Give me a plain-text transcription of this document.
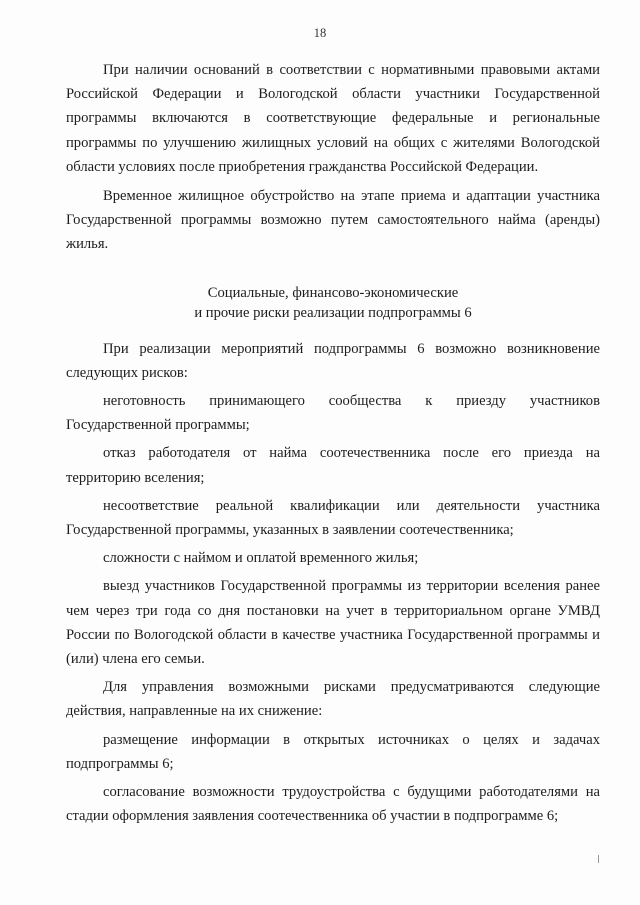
18

При наличии оснований в соответствии с нормативными правовыми актами Российской Федерации и Вологодской области участники Государственной программы включаются в соответствующие федеральные и региональные программы по улучшению жилищных условий на общих с жителями Вологодской области условиях после приобретения гражданства Российской Федерации.

Временное жилищное обустройство на этапе приема и адаптации участника Государственной программы возможно путем самостоятельного найма (аренды) жилья.

Социальные, финансово-экономические

и прочие риски реализации подпрограммы 6

При реализации мероприятий подпрограммы 6 возможно возникновение следующих рисков:

неготовность принимающего сообщества к приезду участников Государственной программы;

отказ работодателя от найма соотечественника после его приезда на территорию вселения;

несоответствие реальной квалификации или деятельности участника Государственной программы, указанных в заявлении соотечественника;

сложности с наймом и оплатой временного жилья;

выезд участников Государственной программы из территории вселения ранее чем через три года со дня постановки на учет в территориальном органе УМВД России по Вологодской области в качестве участника Государственной программы и (или) члена его семьи.

Для управления возможными рисками предусматриваются следующие действия, направленные на их снижение:

размещение информации в открытых источниках о целях и задачах подпрограммы 6;

согласование возможности трудоустройства с будущими работодателями на стадии оформления заявления соотечественника об участии в подпрограмме 6;
